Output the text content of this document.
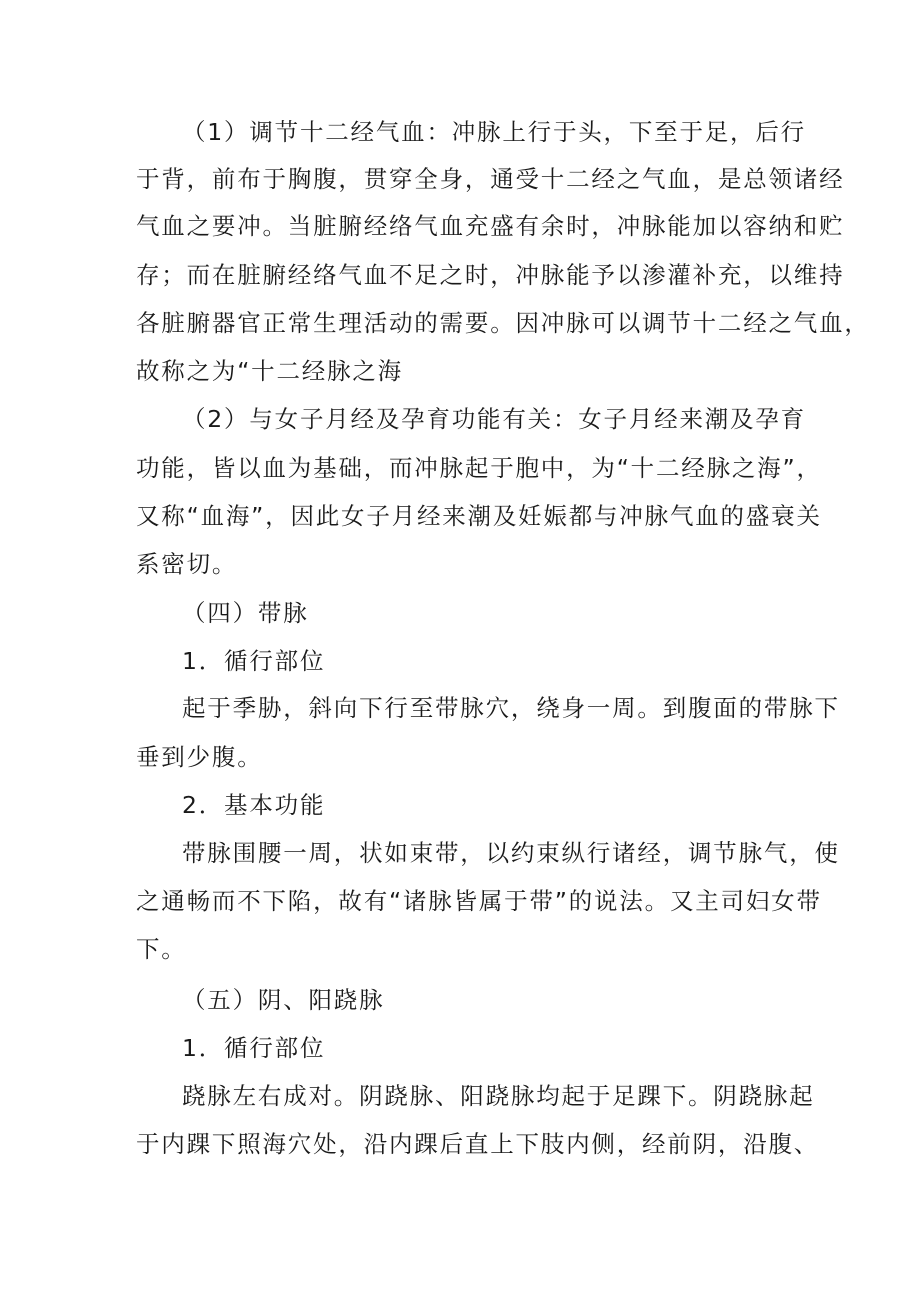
（1）调节十二经气血：冲脉上行于头，下至于足，后行
于背，前布于胸腹，贯穿全身，通受十二经之气血，是总领诸经
气血之要冲。当脏腑经络气血充盛有余时，冲脉能加以容纳和贮
存；而在脏腑经络气血不足之时，冲脉能予以渗灌补充，以维持
各脏腑器官正常生理活动的需要。因冲脉可以调节十二经之气血，
故称之为“十二经脉之海
（2）与女子月经及孕育功能有关：女子月经来潮及孕育
功能，皆以血为基础，而冲脉起于胞中，为“十二经脉之海”，
又称“血海”，因此女子月经来潮及妊娠都与冲脉气血的盛衰关
系密切。
（四）带脉
1．循行部位
起于季胁，斜向下行至带脉穴，绕身一周。到腹面的带脉下
垂到少腹。
2．基本功能
带脉围腰一周，状如束带，以约束纵行诸经，调节脉气，使
之通畅而不下陷，故有“诸脉皆属于带”的说法。又主司妇女带
下。
（五）阴、阳跷脉
1．循行部位
跷脉左右成对。阴跷脉、阳跷脉均起于足踝下。阴跷脉起
于内踝下照海穴处，沿内踝后直上下肢内侧，经前阴，沿腹、
